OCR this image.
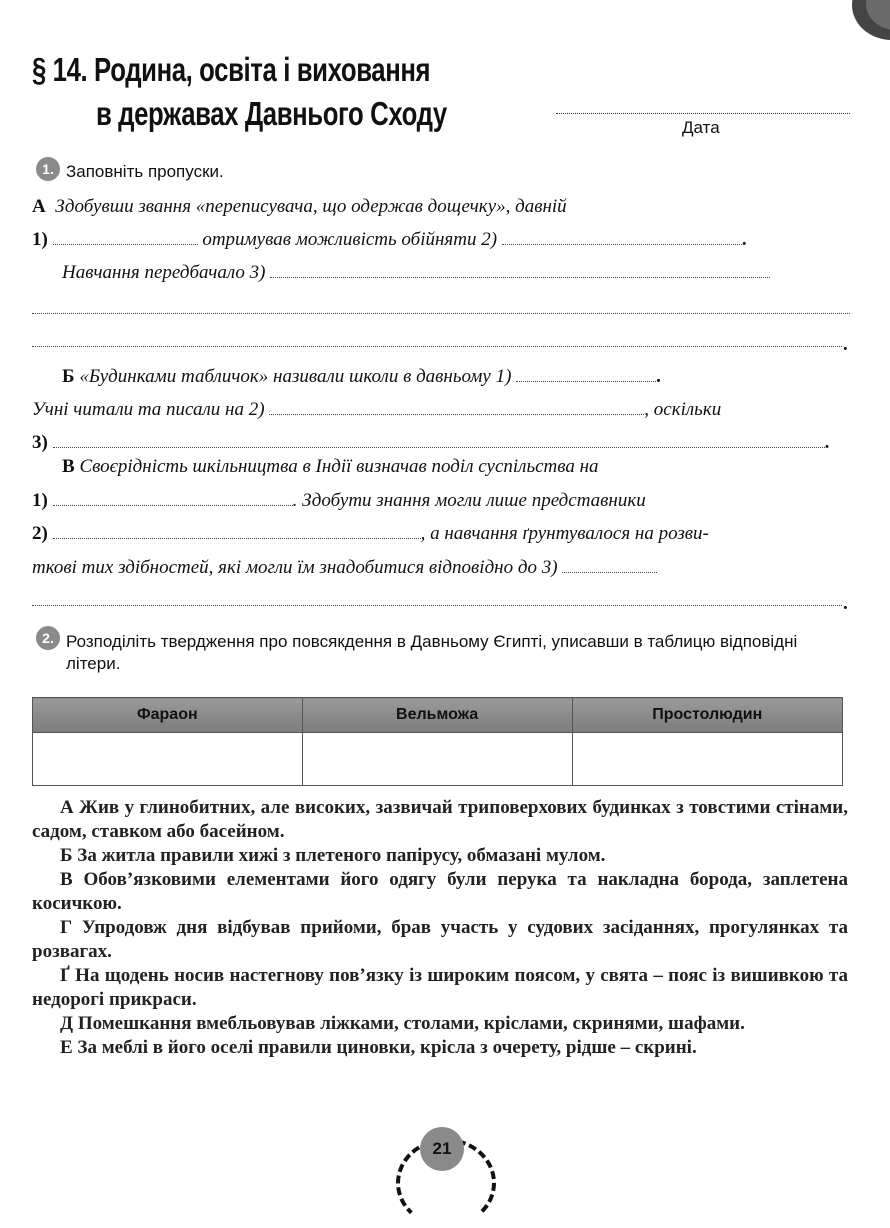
§ 14. Родина, освіта і виховання
в державах Давнього Сходу	Дата
1. Заповніть пропуски.
А Здобувши звання «переписувача, що одержав дощечку», давній
1)	отримував можливість обійняти 2)	.
Навчання передбачало 3)
.
Б «Будинками табличок» називали школи в давньому 1)	.
Учні читали та писали на 2)	, оскільки
3)	.
В Своєрідність шкільництва в Індії визначав поділ суспільства на
1)	. Здобути знання могли лише представники
2)	, а навчання ґрунтувалося на розви-
ткові тих здібностей, які могли їм знадобитися відповідно до 3)
.
2. Розподіліть твердження про повсякдення в Давньому Єгипті, уписавши в таблицю відповідні літери.
Фараон	Вельможа	Простолюдин

А Жив у глинобитних, але високих, зазвичай триповерхових будинках з товстими стінами, садом, ставком або басейном.

Б За житла правили хижі з плетеного папірусу, обмазані мулом.

В Обов’язковими елементами його одягу були перука та накладна борода, заплетена косичкою.

Г Упродовж дня відбував прийоми, брав участь у судових засіданнях, прогулянках та розвагах.

Ґ На щодень носив настегнову пов’язку із широким поясом, у свята – пояс із вишивкою та недорогі прикраси.

Д Помешкання вмебльовував ліжками, столами, кріслами, скринями, шафами.

Е За меблі в його оселі правили циновки, крісла з очерету, рідше – скрині.

21
